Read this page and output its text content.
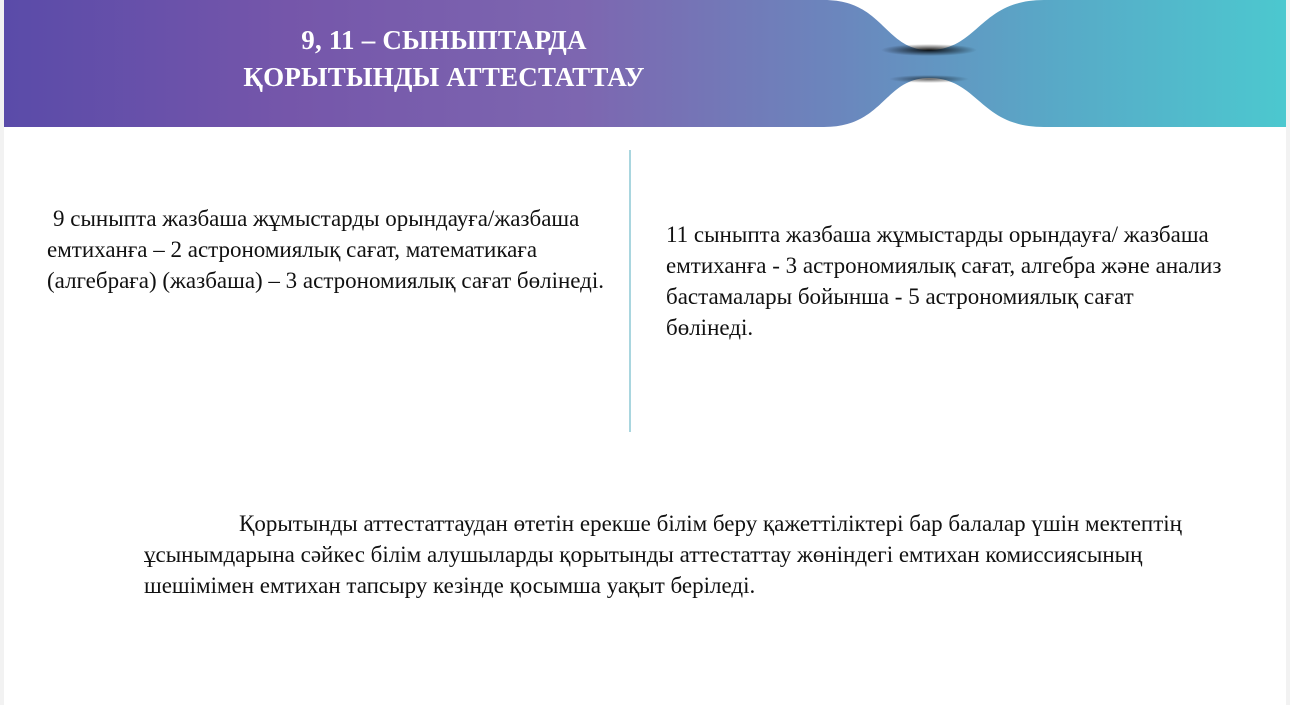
9, 11 – СЫНЫПТАРДА
ҚОРЫТЫНДЫ АТТЕСТАТТАУ
9 сыныпта жазбаша жұмыстарды орындауға/жазбаша емтиханға – 2 астрономиялық сағат, математикаға (алгебраға) (жазбаша) – 3 астрономиялық сағат бөлінеді.
11 сыныпта жазбаша жұмыстарды орындауға/ жазбаша емтиханға - 3 астрономиялық сағат, алгебра және анализ бастамалары бойынша - 5 астрономиялық сағат бөлінеді.
Қорытынды аттестаттаудан өтетін ерекше білім беру қажеттіліктері бар балалар үшін мектептің ұсынымдарына сәйкес білім алушыларды қорытынды аттестаттау жөніндегі емтихан комиссиясының шешімімен емтихан тапсыру кезінде қосымша уақыт беріледі.
